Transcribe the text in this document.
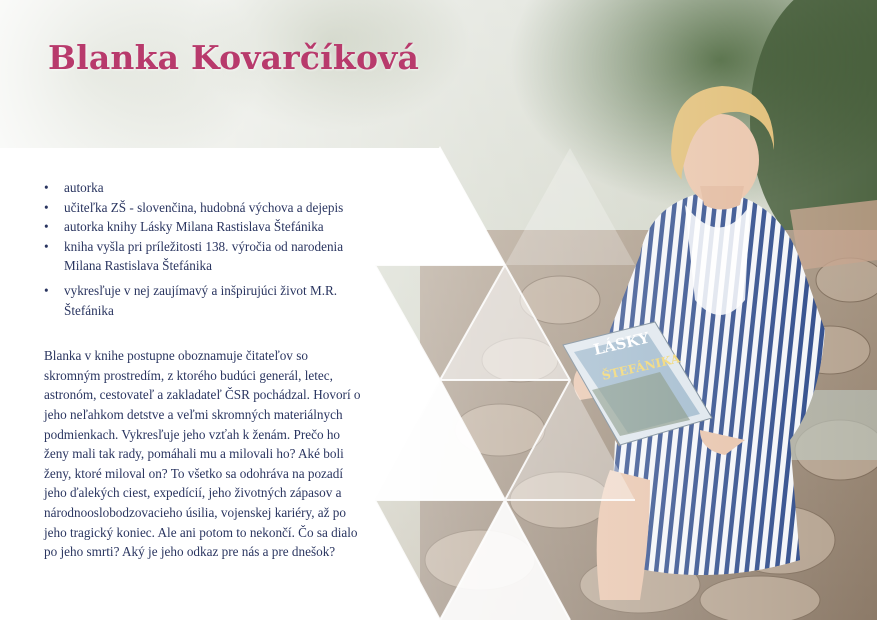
Blanka Kovarčíková
• autorka
• učiteľka ZŠ - slovenčina, hudobná výchova a dejepis
• autorka knihy Lásky Milana Rastislava Štefánika
• kniha vyšla pri príležitosti 138. výročia od narodenia Milana Rastislava Štefánika
• vykresľuje v nej zaujímavý a inšpirujúci život M.R. Štefánika

Blanka v knihe postupne oboznamuje čitateľov so skromným prostredím, z ktorého budúci generál, letec, astronóm, cestovateľ a zakladateľ ČSR pochádzal. Hovorí o jeho neľahkom detstve a veľmi skromných materiálnych podmienkach. Vykresľuje jeho vzťah k ženám. Prečo ho ženy mali tak rady, pomáhali mu a milovali ho? Aké boli ženy, ktoré miloval on? To všetko sa odohráva na pozadí jeho ďalekých ciest, expedícií, jeho životných zápasov a národnooslobodzovacieho úsilia, vojenskej kariéry, až po jeho tragický koniec. Ale ani potom to nekončí. Čo sa dialo po jeho smrti? Aký je jeho odkaz pre nás a pre dnešok?
